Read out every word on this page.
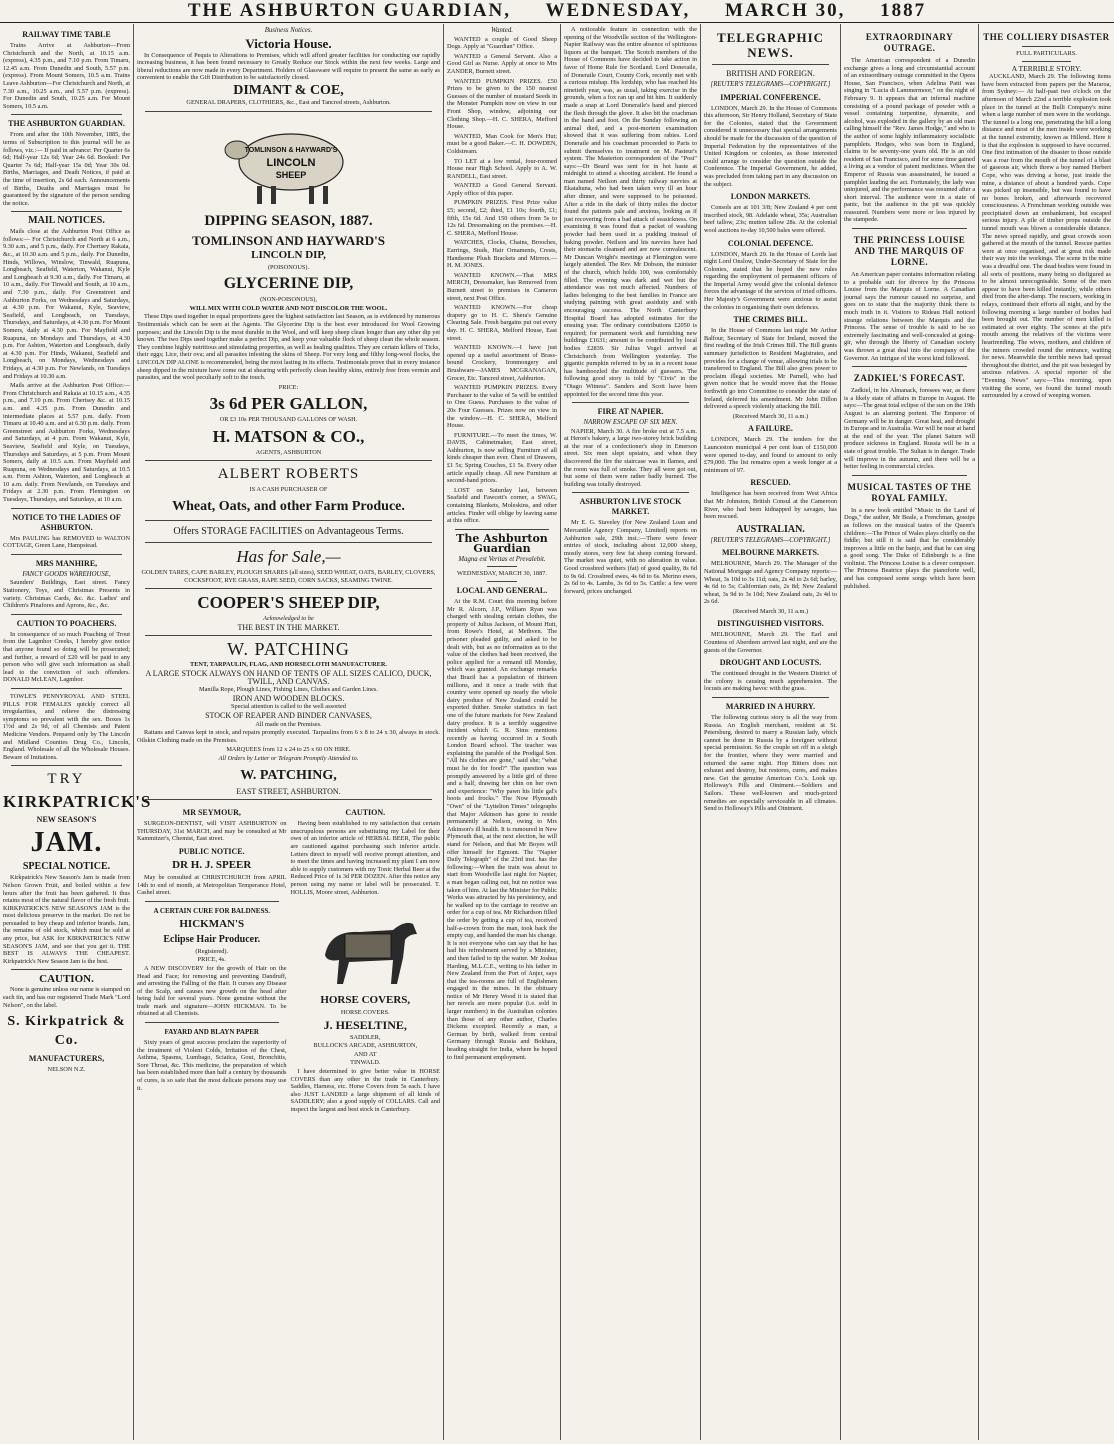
THE ASHBURTON GUARDIAN, WEDNESDAY, MARCH 30, 1887
RAILWAY TIME TABLE

Trains Arrive at Ashburton—From Christchurch and the North, at 10.15 a.m. (express), 4.35 p.m., and 7.10 p.m. From Timaru, 12.45 a.m. From Dunedin and South, 5.57 p.m. (express). From Mount Somers, 10.5 a.m. Trains Leave Ashburton—For Christchurch and North, at 7.30 a.m., 10.25 a.m., and 5.57 p.m. (express). For Dunedin and South, 10.25 a.m. For Mount Somers, 10.5 a.m.

THE ASHBURTON GUARDIAN.

From and after the 10th November, 1885, the terms of Subscription to this journal will be as follows, viz.:— If paid in advance: Per Quarter 6s 6d; Half-year 12s 6d; Year 24s 6d. Booked: Per Quarter 7s 6d; Half-year 15s 0d; Year 30s 0d. Births, Marriages, and Death Notices, if paid at the time of insertion, 2s 6d each. Announcements of Births, Deaths and Marriages must be guaranteed by the signature of the person sending the notice.

MAIL NOTICES.

Mails close at the Ashburton Post Office as follows:— For Christchurch and North at 6 a.m., 9.30 a.m., and 5 p.m., daily. For Chertsey Rakaia, &c., at 10.30 a.m. and 5 p.m., daily. For Dunedin, Hinds, Willows, Winslow, Tinwald, Ruapuna, Longbeach, Seafield, Waterton, Wakanui, Kyle and Longbeach at 9.30 a.m., daily. For Timaru, at 10 a.m., daily. For Tinwald and South, at 10 a.m., and 7.30 p.m., daily. For Greenstreet and Ashburton Forks, on Wednesdays and Saturdays, at 4.30 p.m. For Wakanui, Kyle, Seaview, Seafield, and Longbeach, on Tuesdays, Thursdays, and Saturdays, at 4.30 p.m. For Mount Somers, daily at 4.30 p.m. For Mayfield and Ruapuna, on Mondays and Thursdays, at 4.30 p.m. For Ashton, Waterton and Longbeach, daily at 4.30 p.m. For Hinds, Wakanui, Seafield and Longbeach, on Mondays, Wednesdays and Fridays, at 4.30 p.m. For Newlands, on Tuesdays and Fridays at 10.30 a.m.

Mails arrive at the Ashburton Post Office:— From Christchurch and Rakaia at 10.15 a.m., 4.35 p.m., and 7.10 p.m. From Chertsey &c. at 10.15 a.m. and 4.35 p.m. From Dunedin and intermediate places at 5.57 p.m. daily. From Timaru at 10.40 a.m. and at 6.30 p.m. daily. From Greenstreet and Ashburton Forks, Wednesdays and Saturdays, at 4 p.m. From Wakanui, Kyle, Seaview, Seafield and Kyle, on Tuesdays, Thursdays and Saturdays, at 5 p.m. From Mount Somers, daily at 10.5 a.m. From Mayfield and Ruapuna, on Wednesdays and Saturdays, at 10.5 a.m. From Ashton, Waterton, and Longbeach at 10 a.m. daily. From Newlands, on Tuesdays and Fridays at 2.30 p.m. From Flemington on Tuesdays, Thursdays, and Saturdays, at 10 a.m.

NOTICE TO THE LADIES OF ASHBURTON.

Mrs PAULING has REMOVED to WALTON COTTAGE, Green Lane, Hampstead.

MRS MANHIRE,
FANCY GOODS WAREHOUSE,

Saunders' Buildings, East street. Fancy Stationery, Toys, and Christmas Presents in variety. Christmas Cards, &c. &c. Ladies' and Children's Pinafores and Aprons, &c., &c.

CAUTION TO POACHERS.

In consequence of so much Poaching of Trout from the Lagmhor Creeks, I hereby give notice that anyone found so doing will be prosecuted; and further, a reward of £20 will be paid to any person who will give such information as shall lead to the conviction of such offenders. DONALD McLEAN, Lagmhor.

TOWLE'S PENNYROYAL AND STEEL PILLS FOR FEMALES quickly correct all irregularities, and relieve the distressing symptoms so prevalent with the sex. Boxes 1s 1½d and 2s 9d, of all Chemists and Patent Medicine Vendors. Prepared only by The Lincoln and Midland Counties Drug Co., Lincoln, England. Wholesale of all the Wholesale Houses. Beware of Imitations.

TRY
KIRKPATRICK'S
NEW SEASON'S
JAM.
SPECIAL NOTICE.

Kirkpatrick's New Season's Jam is made from Nelson Grown Fruit, and boiled within a few hours after the fruit has been gathered. It thus retains most of the natural flavor of the fresh fruit. KIRKPATRICK'S NEW SEASON'S JAM is the most delicious preserve in the market. Do not be persuaded to buy cheap and inferior brands. Jam, the remains of old stock, which must be sold at any price, but ASK for KIRKPATRICK'S NEW SEASON'S JAM, and see that you get it. THE BEST IS ALWAYS THE CHEAPEST. Kirkpatrick's New Season Jam is the best.

CAUTION.

None is genuine unless our name is stamped on each tin, and has our registered Trade Mark "Lord Nelson", on the label.

S. Kirkpatrick & Co.
MANUFACTURERS,
NELSON N.Z.
Business Notices.
Victoria House.

In Consequence of Pequis to Alterations to Premises, which will afford greater facilities for conducting our rapidly increasing business, it has been found necessary to Greatly Reduce our Stock within the next few weeks. Large and liberal reductions are now made in every Department. Holders of Glassware will require to present the same as early as convenient to enable the Gift Distribution to be satisfactorily closed.

DIMANT & COE,
GENERAL DRAPERS, CLOTHIERS, &c., East and Tancred streets, Ashburton.
TOMLINSON & HAYWARD'S
LINCOLN
SHEEP
DIPPING SEASON, 1887.
TOMLINSON AND HAYWARD'S
LINCOLN DIP,
(POISONOUS).
GLYCERINE DIP,
(NON-POISONOUS),
WILL MIX WITH COLD WATER AND NOT DISCOLOR THE WOOL.

These Dips used together in equal proportions gave the highest satisfaction last Season, as is evidenced by numerous Testimonials which can be seen at the Agents. The Glycerine Dip is the best ever introduced for Wool Growing purposes; and the Lincoln Dip is the most durable in the Wool, and will keep sheep clean longer than any other dip yet known. The two Dips used together make a perfect Dip, and keep your valuable flock of sheep clean the whole season. They combine highly nutritious and stimulating properties, as well as healing qualities. They are certain killers of Ticks, their eggs; Lice, their ova; and all parasites infesting the skins of Sheep. For very long and filthy long-wool flocks, the LINCOLN DIP ALONE is recommended, being the most lasting in its effects. Testimonials prove that in every instance sheep dipped in the mixture have come out at shearing with perfectly clean healthy skins, entirely free from vermin and parasites, and the wool peculiarly soft to the touch.

PRICE:
3s 6d PER GALLON,
OR £3 10s PER THOUSAND GALLONS OF WASH.
H. MATSON & CO.,
AGENTS, ASHBURTON
ALBERT ROBERTS
IS A CASH PURCHASER OF
Wheat, Oats, and other Farm Produce.
Offers STORAGE FACILITIES on Advantageous Terms.
Has for Sale,—
GOLDEN TARES, CAPE BARLEY, PLOUGH SHARES (all sizes), SEED WHEAT, OATS, BARLEY, CLOVERS, COCKSFOOT, RYE GRASS, RAPE SEED, CORN SACKS, SEAMING TWINE.
COOPER'S SHEEP DIP,
Acknowledged to be
THE BEST IN THE MARKET.
W. PATCHING
TENT, TARPAULIN, FLAG, AND HORSECLOTH MANUFACTURER.
A LARGE STOCK ALWAYS ON HAND OF TENTS OF ALL SIZES CALICO, DUCK, TWILL, AND CANVAS.
Manilla Rope, Plough Lines, Fishing Lines, Clothes and Garden Lines.
IRON AND WOODEN BLOCKS.
Special attention is called to the well assorted
STOCK OF REAPER AND BINDER CANVASES,
All made on the Premises.

Rattans and Canvas kept in stock, and repairs promptly executed. Tarpaulins from 6 x 8 to 24 x 30, always in stock. Oilskin Clothing made on the Premises.

MARQUEES from 12 x 24 to 25 x 60 ON HIRE.
All Orders by Letter or Telegram Promptly Attended to.
W. PATCHING,
EAST STREET, ASHBURTON.
MR SEYMOUR,

SURGEON-DENTIST, will VISIT ASHBURTON on THURSDAY, 31st MARCH, and may be consulted at Mr Kammitzer's, Chemist, East street.

PUBLIC NOTICE.
DR H. J. SPEER

May be consulted at CHRISTCHURCH from APRIL 14th to end of month, at Metropolitan Temperance Hotel, Cashel street.

A CERTAIN CURE FOR BALDNESS.
HICKMAN'S
Eclipse Hair Producer.
(Registered).
PRICE, 4s.

A NEW DISCOVERY for the growth of Hair on the Head and Face; for removing and preventing Dandruff, and arresting the Falling of the Hair. It curses any Disease of the Scalp, and causes new growth on the head after being bald for several years. None genuine without the trade mark and signature—JOHN HICKMAN. To be obtained at all Chemists.

FAYARD AND BLAYN PAPER

Sixty years of great success proclaim the superiority of the treatment of Violent Colds, Irritation of the Chest, Asthma, Spasms, Lumbago, Sciatica, Gout, Bronchitis, Sore Throat, &c. This medicine, the preparation of which has been established more than half a century by thousands of cures, is so safe that the most delicate persons may use it.

CAUTION.

Having been established to my satisfaction that certain unscrupulous persons are substituting my Label for their own of an inferior article of HERBAL BEER, The public are cautioned against purchasing such inferior article. Letters direct to myself will receive prompt attention, and to meet the times and having increased my plant I am now able to supply customers with my Tonic Herbal Beer at the Reduced Price of 1s 3d PER DOZEN. After this notice any person using my name or label will be prosecuted. T. HOLLIS, Moore street, Ashburton.

HORSE COVERS,
HORSE COVERS.
J. HESELTINE,
SADDLER,
BULLOCK'S ARCADE, ASHBURTON,
AND AT
TINWALD.

I have determined to give better value in HORSE COVERS than any other in the trade in Canterbury. Saddles, Harness, etc. Horse Covers from 5s each. I have also JUST LANDED a large shipment of all kinds of SADDLERY; also a good supply of COLLARS. Call and inspect the largest and best stock in Canterbury.

Wanted.

WANTED a couple of Good Sheep Dogs. Apply at "Guardian" Office.

WANTED a General Servant. Also a Good Girl as Nurse. Apply at once to Mrs ZANDER, Burnett street.

WANTED PUMPKIN PRIZES. £50 Prizes to be given to the 150 nearest Guesses of the number of mustard Seeds in the Monster Pumpkin now on view in our Front Shop, window, adjoining our Clothing Shop.—H. C. SHERA, Mefford House.

WANTED, Man Cook for Men's Hut; must be a good Baker.—C. H. DOWDEN, Coldstream.

TO LET at a low rental, four-roomed House near High School. Apply to A. W. RANDELL, East street.

WANTED a Good General Servant. Apply office of this paper.

PUMPKIN PRIZES. First Prize value £5; second, £2; third, £1 10s; fourth, £1; fifth, 15s 6d. And 150 others from 5s to 12s 6d. Dressmaking on the premises.—H. C. SHERA, Mefford House.

WATCHES, Clocks, Chains, Brooches, Earrings, Studs, Hair Ornaments, Crests, Handsome Plush Brackets and Mirrors.—H. M. JONES.

WANTED KNOWN.—That MRS MERCH, Dressmaker, has Removed from Burnett street to premises in Cameron street, next Post Office.

WANTED KNOWN.—For cheap drapery go to H. C. Shera's Genuine Clearing Sale. Fresh bargains put out every day. H. C. SHERA, Melford House, East street.

WANTED KNOWN.—I have just opened up a useful assortment of Brass-bound Crockery, Ironmongery and Brushware—JAMES MCGRANAGAN, Grocer, Etc. Tancred street, Ashburton.

WANTED PUMPKIN PRIZES. Every Purchaser to the value of 5s will be entitled to One Guess. Purchases to the value of 20s Four Guesses. Prizes now on view in the window.—H. C. SHERA, Melford House.

FURNITURE.—To meet the times, W. DAVIS, Cabinetmaker, East street, Ashburton, is now selling Furniture of all kinds cheaper than ever. Chest of Drawers, £1 5s; Spring Couches, £1 5s. Every other article equally cheap. All new Furniture at second-hand prices.

LOST on Saturday last, between Seafield and Fawcett's corner, a SWAG, containing Blankets, Moleskins, and other articles. Finder will oblige by leaving same at this office.

The Ashburton Guardian
Magna est Veritas et Prevalebit.
WEDNESDAY, MARCH 30, 1887.
LOCAL AND GENERAL.

At the R.M. Court this morning before Mr R. Alcorn, J.P., William Ryan was charged with stealing certain clothes, the property of Julius Jackson, of Mount Hutt, from Rowe's Hotel, at Methven. The prisoner pleaded guilty, and asked to be dealt with, but as no information as to the value of the clothes had been received, the police applied for a remand till Monday, which was granted. An exchange remarks that Brazil has a population of thirteen millions, and it once a trade with that country were opened up nearly the whole dairy produce of New Zealand could be exported thither. Smoke statistics in fact one of the future markets for New Zealand dairy produce. It is a terribly suggestive incident which G. R. Sims mentions recently as having occurred in a South London Board school. The teacher was explaining the parable of the Prodigal Son. "All his clothes are gone," said she; "what must he do for food?" The question was promptly answered by a little girl of three and a half, drawing her chin on her own and experience: "Why pawn his little gal's boots and frocks." The Now Plymouth "Own" of the "Lyttelton Times" telegraphs that Major Atkinson has gone to reside permanently at Nelson, owing to Mrs Atkinson's ill health. It is rumoured in New Plymouth that, at the next election, he will stand for Nelson, and that Mr Boyes will offer himself for Egmont. The "Napier Daily Telegraph" of the 23rd inst. has the following:—When the train was about to start from Woodville last night for Napier, a man began calling out, but no notice was taken of him. At last the Minister for Public Works was attracted by his persistency, and he walked up to the carriage to receive an order for a cup of tea. Mr Richardson filled the order by getting a cup of tea, received half-a-crown from the man, took back the empty cup, and handed the man his change. It is not everyone who can say that he has had his refreshment served by a Minister, and then failed to tip the waiter. Mr Joshua Harding, M.L.C.E., writing to his father in New Zealand from the Port of Anjer, says that the tea-rooms are full of Englishmen engaged in the mines. In the obituary notice of Mr Henry Wood it is stated that her novels are more popular (i.e. sold in larger numbers) in the Australian colonies than those of any other author, Charles Dickens excepted. Recently a man, a German by birth, walked from central Germany through Russia and Bokhara, heading straight for India, where he hoped to find permanent employment.

A noticeable feature in connection with the opening of the Woodville section of the Wellington-Napier Railway was the entire absence of spirituous liquors at the banquet. The Scotch members of the House of Commons have decided to take action in favor of Home Rule for Scotland. Lord Doneraile, of Doneraile Court, County Cork, recently met with a curious mishap. His lordship, who has reached his ninetieth year, was, as usual, taking exercise in the grounds, when a fox ran up and bit him. It suddenly made a snap at Lord Doneraile's hand and pierced the flesh through the glove. It also bit the coachman in the hand and foot. On the Sunday following an animal died, and a post-mortem examination showed that it was suffering from rabies. Lord Doneraile and his coachman proceeded to Paris to submit themselves to treatment on M. Pasteur's system. The Masterton correspondent of the "Post" says:—Dr Beard was sent for in hot haste at midnight to attend a shooting accident. He found a man named Neilson and thirty railway navvies at Ekatahuna, who had been taken very ill an hour after dinner, and were supposed to be poisoned. After a ride in the dark of thirty miles the doctor found the patients pale and anxious, looking as if just recovering from a bad attack of seasickness. On examining it was found that a packet of washing powder had been used in a pudding instead of baking powder. Neilson and his navvies have had their stomachs cleansed and are now convalescent. Mr Duncan Wright's meetings at Flemington were largely attended. The Rev. Mr Dobson, the minister of the church, which holds 100, was comfortably filled. The evening was dark and wet but the attendance was not much affected. Numbers of ladies belonging to the best families in France are studying painting with great assiduity and with encouraging success. The North Canterbury Hospital Board has adopted estimates for the ensuing year. The ordinary contributions £2050 is required; for permanent work and furnishing new buildings £1631; amount to be contributed by local bodies £2839. Sir Julius Vogel arrived at Christchurch from Wellington yesterday. The gigantic pumpkin referred to by us in a recent issue has bamboozled the multitude of guessers. The following good story is told by "Civis" in the "Otago Witness". Sanders and Scott have been appointed for the second time this year.

FIRE AT NAPIER.
NARROW ESCAPE OF SIX MEN.

NAPIER, March 30. A fire broke out at 7.5 a.m. at Heron's bakery, a large two-storey brick building at the rear of a confectioner's shop in Emerson street. Six men slept upstairs, and when they discovered the fire the staircase was in flames, and the room was full of smoke. They all were got out, but some of them were rather badly burned. The building was totally destroyed.

ASHBURTON LIVE STOCK MARKET.

Mr E. G. Staveley (for New Zealand Loan and Mercantile Agency Company, Limited) reports on Ashburton sale, 29th inst.:—There were fewer entries of stock, including about 12,000 sheep, mostly stores, very few fat sheep coming forward. The market was quiet, with no alteration in value. Good crossbred wethers (fat) of good quality, 8s 6d to 9s 6d. Crossbred ewes, 4s 6d to 6s. Merino ewes, 2s 6d to 4s. Lambs, 3s 6d to 5s. Cattle: a few were forward, prices unchanged.

TELEGRAPHIC NEWS.
BRITISH AND FOREIGN.
[REUTER'S TELEGRAMS—COPYRIGHT.]
IMPERIAL CONFERENCE.

LONDON, March 29. In the House of Commons this afternoon, Sir Henry Holland, Secretary of State for the Colonies, stated that the Government considered it unnecessary that special arrangements should be made for the discussion of the question of Imperial Federation by the representatives of the United Kingdom or colonies, as those interested could arrange to consider the question outside the Conference. The Imperial Government, he added, was precluded from taking part in any discussion on the subject.

LONDON MARKETS.

Consols are at 101 3/8; New Zealand 4 per cent inscribed stock, 98. Adelaide wheat, 35s; Australian beef tallow, 23s; mutton tallow 28s. At the colonial wool auctions to-day 10,500 bales were offered.

COLONIAL DEFENCE.

LONDON, March 29. In the House of Lords last night Lord Onslow, Under-Secretary of State for the Colonies, stated that he hoped the new rules regarding the employment of permanent officers of the Imperial Army would give the colonial defence forces the advantage of the services of tried officers. Her Majesty's Government were anxious to assist the colonies in organising their own defences.

THE CRIMES BILL.

In the House of Commons last night Mr Arthur Balfour, Secretary of State for Ireland, moved the first reading of the Irish Crimes Bill. The Bill grants summary jurisdiction to Resident Magistrates, and provides for a change of venue, allowing trials to be transferred to England. The Bill also gives power to proclaim illegal societies. Mr Parnell, who had given notice that he would move that the House forthwith go into Committee to consider the state of Ireland, deferred his amendment. Mr John Dillon delivered a speech violently attacking the Bill.

(Received March 30, 11 a.m.)
A FAILURE.

LONDON, March 29. The tenders for the Launceston municipal 4 per cent loan of £150,000 were opened to-day, and found to amount to only £79,000. The list remains open a week longer at a minimum of 97.

RESCUED.

Intelligence has been received from West Africa that Mr Johnston, British Consul at the Cameroon River, who had been kidnapped by savages, has been rescued.

AUSTRALIAN.
[REUTER'S TELEGRAMS—COPYRIGHT.]
MELBOURNE MARKETS.

MELBOURNE, March 29. The Manager of the National Mortgage and Agency Company reports:—Wheat, 3s 10d to 3s 11d; oats, 2s 4d to 2s 6d; barley, 4s 6d to 5s; Californian oats, 2s 8d; New Zealand wheat, 3s 9d to 3s 10d; New Zealand oats, 2s 4d to 2s 6d.

(Received March 30, 11 a.m.)
DISTINGUISHED VISITORS.

MELBOURNE, March 29. The Earl and Countess of Aberdeen arrived last night, and are the guests of the Governor.

DROUGHT AND LOCUSTS.

The continued drought in the Western District of the colony is causing much apprehension. The locusts are making havoc with the grass.

MARRIED IN A HURRY.

The following curious story is all the way from Russia. An English merchant, resident at St. Petersburg, desired to marry a Russian lady, which cannot be done in Russia by a foreigner without special permission. So the couple set off in a sleigh for the frontier, where they were married and returned the same night. Hop Bitters does not exhaust and destroy, but restores, cures, and makes new. Get the genuine American Co.'s. Look up. Holloway's Pills and Ointment.—Soldiers and Sailors. These well-known and much-prized remedies are especially serviceable in all climates. Send to Holloway's Pills and Ointment.

EXTRAORDINARY OUTRAGE.

The American correspondent of a Dunedin exchange gives a long and circumstantial account of an extraordinary outrage committed in the Opera House, San Francisco, when Adelina Patti was singing in "Lucia di Lammermoor," on the night of February 9. It appears that an infernal machine consisting of a pound package of powder with a vessel containing turpentine, dynamite, and alcohol, was exploded in the gallery by an old man calling himself the "Rev. James Hodge," and who is the author of some highly inflammatory socialistic pamphlets. Hodges, who was born in England, claims to be seventy-one years old. He is an old resident of San Francisco, and for some time gained a living as a vendor of patent medicines. When the Emperor of Russia was assassinated, he issued a pamphlet lauding the act. Fortunately, the lady was uninjured, and the performance was resumed after a short interval. The audience were in a state of panic, but the audience in the pit was quickly reassured. Numbers were more or less injured by the stampede.

THE PRINCESS LOUISE AND THE MARQUIS OF LORNE.

An American paper contains information relating to a probable suit for divorce by the Princess Louise from the Marquis of Lorne. A Canadian journal says the rumour caused no surprise, and goes on to state that the majority think there is much truth in it. Visitors to Rideau Hall noticed strange relations between the Marquis and the Princess. The sense of trouble is said to be so extremely fascinating and well-concealed at going-gir, who through the liberty of Canadian society was thrown a great deal into the company of the Governor. An intrigue of the worst kind followed.

ZADKIEL'S FORECAST.

Zadkiel, in his Almanack, foresees war, as there is a likely state of affairs in Europe in August. He says:—The great total eclipse of the sun on the 19th August is an alarming portent. The Emperor of Germany will be in danger. Great heat, and drought in Europe and in Australia. War will be near at hand at the end of the year. The planet Saturn will produce sickness in England. Russia will be in a state of great trouble. The Sultan is in danger. Trade will improve in the autumn, and there will be a better feeling in commercial circles.

MUSICAL TASTES OF THE ROYAL FAMILY.

In a new book entitled "Music in the Land of Dogs," the author, Mr Beale, a Frenchman, gossips as follows on the musical tastes of the Queen's children:—The Prince of Wales plays chiefly on the fiddle; but still it is said that he considerably improves a little on the banjo, and that he can sing a good song. The Duke of Edinburgh is a fine violinist. The Princess Louise is a clever composer. The Princess Beatrice plays the pianoforte well, and has composed some songs which have been published.

THE COLLIERY DISASTER
FULL PARTICULARS.
A TERRIBLE STORY.

AUCKLAND, March 29. The following items have been extracted from papers per the Mararoa, from Sydney:— At half-past two o'clock on the afternoon of March 22nd a terrible explosion took place in the tunnel at the Bulli Company's mine when a large number of men were in the workings. The tunnel is a long one, penetrating the hill a long distance and most of the men inside were working at the tunnel extremity, known as Hillend. Here it is that the explosion is supposed to have occurred. One first intimation of the disaster to those outside was a roar from the mouth of the tunnel of a blast of gaseous air, which threw a boy named Herbert Cope, who was driving a horse, just inside the mine, a distance of about a hundred yards. Cope was picked up insensible, but was found to have no bones broken, and afterwards recovered consciousness. A Frenchman working outside was precipitated down an embankment, but escaped serious injury. A pile of timber props outside the tunnel mouth was blown a considerable distance. The news spread rapidly, and great crowds soon gathered at the mouth of the tunnel. Rescue parties were at once organised, and at great risk made their way into the workings. The scene in the mine was a dreadful one. The dead bodies were found in all sorts of positions, many being so disfigured as to be almost unrecognisable. Some of the men appear to have been killed instantly, while others died from the after-damp. The rescuers, working in relays, continued their efforts all night, and by the following morning a large number of bodies had been brought out. The number of men killed is estimated at over eighty. The scenes at the pit's mouth among the relatives of the victims were heartrending. The wives, mothers, and children of the miners crowded round the entrance, waiting for news. Meanwhile the terrible news had spread throughout the district, and the pit was besieged by anxious relatives. A special reporter of the "Evening News" says:—This morning, upon visiting the scene, we found the tunnel mouth surrounded by a crowd of weeping women.
